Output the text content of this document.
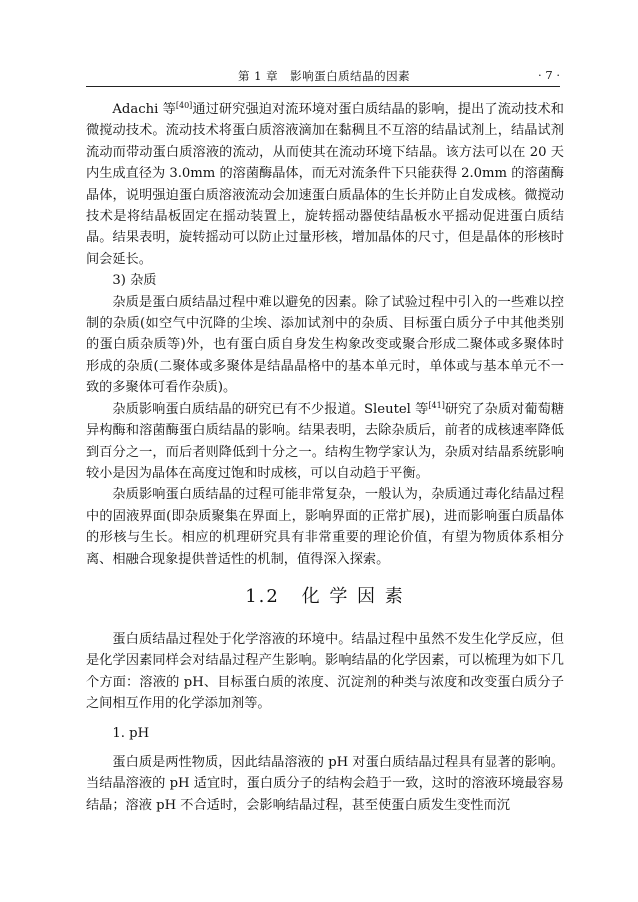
第 1 章　影响蛋白质结晶的因素	· 7 ·

Adachi 等[40]通过研究强迫对流环境对蛋白质结晶的影响，提出了流动技术和微搅动技术。流动技术将蛋白质溶液滴加在黏稠且不互溶的结晶试剂上，结晶试剂流动而带动蛋白质溶液的流动，从而使其在流动环境下结晶。该方法可以在 20 天内生成直径为 3.0mm 的溶菌酶晶体，而无对流条件下只能获得 2.0mm 的溶菌酶晶体，说明强迫蛋白质溶液流动会加速蛋白质晶体的生长并防止自发成核。微搅动技术是将结晶板固定在摇动装置上，旋转摇动器使结晶板水平摇动促进蛋白质结晶。结果表明，旋转摇动可以防止过量形核，增加晶体的尺寸，但是晶体的形核时间会延长。

3) 杂质

杂质是蛋白质结晶过程中难以避免的因素。除了试验过程中引入的一些难以控制的杂质(如空气中沉降的尘埃、添加试剂中的杂质、目标蛋白质分子中其他类别的蛋白质杂质等)外，也有蛋白质自身发生构象改变或聚合形成二聚体或多聚体时形成的杂质(二聚体或多聚体是结晶晶格中的基本单元时，单体或与基本单元不一致的多聚体可看作杂质)。

杂质影响蛋白质结晶的研究已有不少报道。Sleutel 等[41]研究了杂质对葡萄糖异构酶和溶菌酶蛋白质结晶的影响。结果表明，去除杂质后，前者的成核速率降低到百分之一，而后者则降低到十分之一。结构生物学家认为，杂质对结晶系统影响较小是因为晶体在高度过饱和时成核，可以自动趋于平衡。

杂质影响蛋白质结晶的过程可能非常复杂，一般认为，杂质通过毒化结晶过程中的固液界面(即杂质聚集在界面上，影响界面的正常扩展)，进而影响蛋白质晶体的形核与生长。相应的机理研究具有非常重要的理论价值，有望为物质体系相分离、相融合现象提供普适性的机制，值得深入探索。

1.2 化 学 因 素

蛋白质结晶过程处于化学溶液的环境中。结晶过程中虽然不发生化学反应，但是化学因素同样会对结晶过程产生影响。影响结晶的化学因素，可以梳理为如下几个方面：溶液的 pH、目标蛋白质的浓度、沉淀剂的种类与浓度和改变蛋白质分子之间相互作用的化学添加剂等。

1. pH

蛋白质是两性物质，因此结晶溶液的 pH 对蛋白质结晶过程具有显著的影响。当结晶溶液的 pH 适宜时，蛋白质分子的结构会趋于一致，这时的溶液环境最容易结晶；溶液 pH 不合适时，会影响结晶过程，甚至使蛋白质发生变性而沉
